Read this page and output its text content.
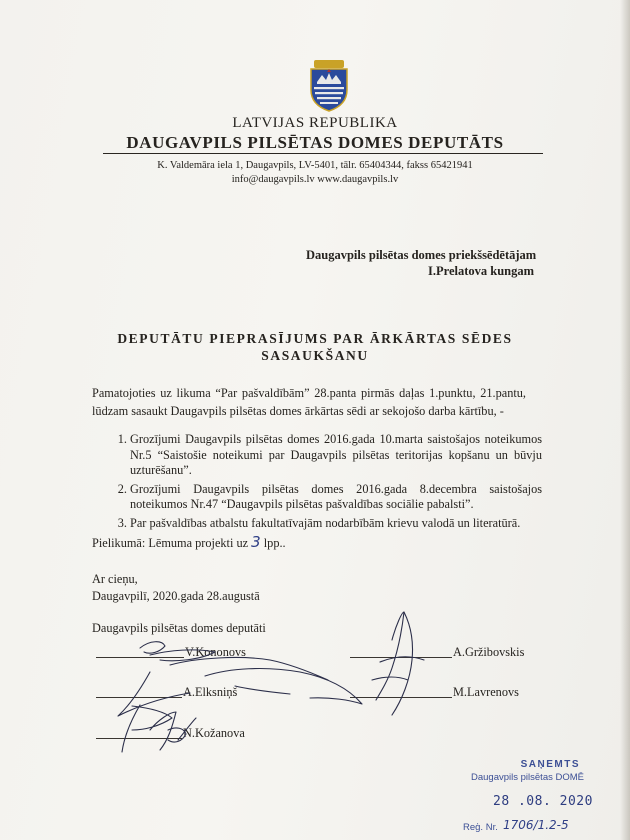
LATVIJAS REPUBLIKA
DAUGAVPILS PILSĒTAS DOMES DEPUTĀTS
K. Valdemāra iela 1, Daugavpils, LV-5401, tālr. 65404344, fakss 65421941
info@daugavpils.lv www.daugavpils.lv
Daugavpils pilsētas domes priekšsēdētājam
I.Prelatova kungam
DEPUTĀTU PIEPRASĪJUMS PAR ĀRKĀRTAS SĒDES
SASAUKŠANU
Pamatojoties uz likuma “Par pašvaldībām” 28.panta pirmās daļas 1.punktu, 21.pantu,
lūdzam sasaukt Daugavpils pilsētas domes ārkārtas sēdi ar sekojošo darba kārtību, -
1. Grozījumi Daugavpils pilsētas domes 2016.gada 10.marta saistošajos noteikumos Nr.5 “Saistošie noteikumi par Daugavpils pilsētas teritorijas kopšanu un būvju uzturēšanu”.
2. Grozījumi Daugavpils pilsētas domes 2016.gada 8.decembra saistošajos noteikumos Nr.47 “Daugavpils pilsētas pašvaldības sociālie pabalsti”.
3. Par pašvaldības atbalstu fakultatīvajām nodarbībām krievu valodā un literatūrā.
Pielikumā: Lēmuma projekti uz 3 lpp..
Ar cieņu,
Daugavpilī, 2020.gada 28.augustā
Daugavpils pilsētas domes deputāti
V.Kononovs	A.Gržibovskis
A.Elksniņš	M.Lavrenovs
N.Kožanova
SAŅEMTS
Daugavpils pilsētas DOMĒ
28 .08. 2020
Reģ. Nr. 1706/1.2-5
